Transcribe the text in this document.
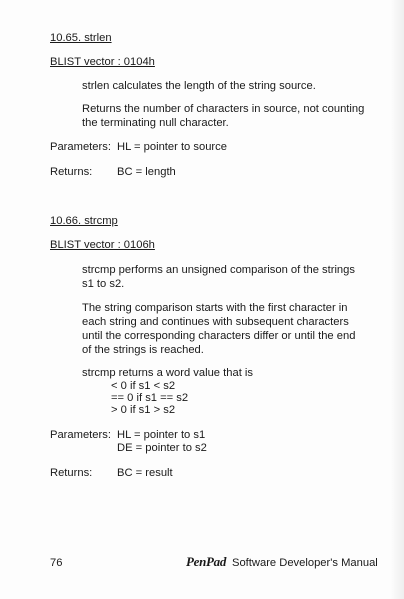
10.65. strlen
BLIST vector : 0104h
strlen calculates the length of the string source.
Returns the number of characters in source, not counting the terminating null character.
Parameters: HL = pointer to source
Returns: BC = length
10.66. strcmp
BLIST vector : 0106h
strcmp performs an unsigned comparison of the strings s1 to s2.
The string comparison starts with the first character in each string and continues with subsequent characters until the corresponding characters differ or until the end of the strings is reached.
strcmp returns a word value that is
< 0 if s1 < s2
== 0 if s1 == s2
> 0 if s1 > s2
Parameters: HL = pointer to s1
DE = pointer to s2
Returns: BC = result
76	PenPad Software Developer's Manual
